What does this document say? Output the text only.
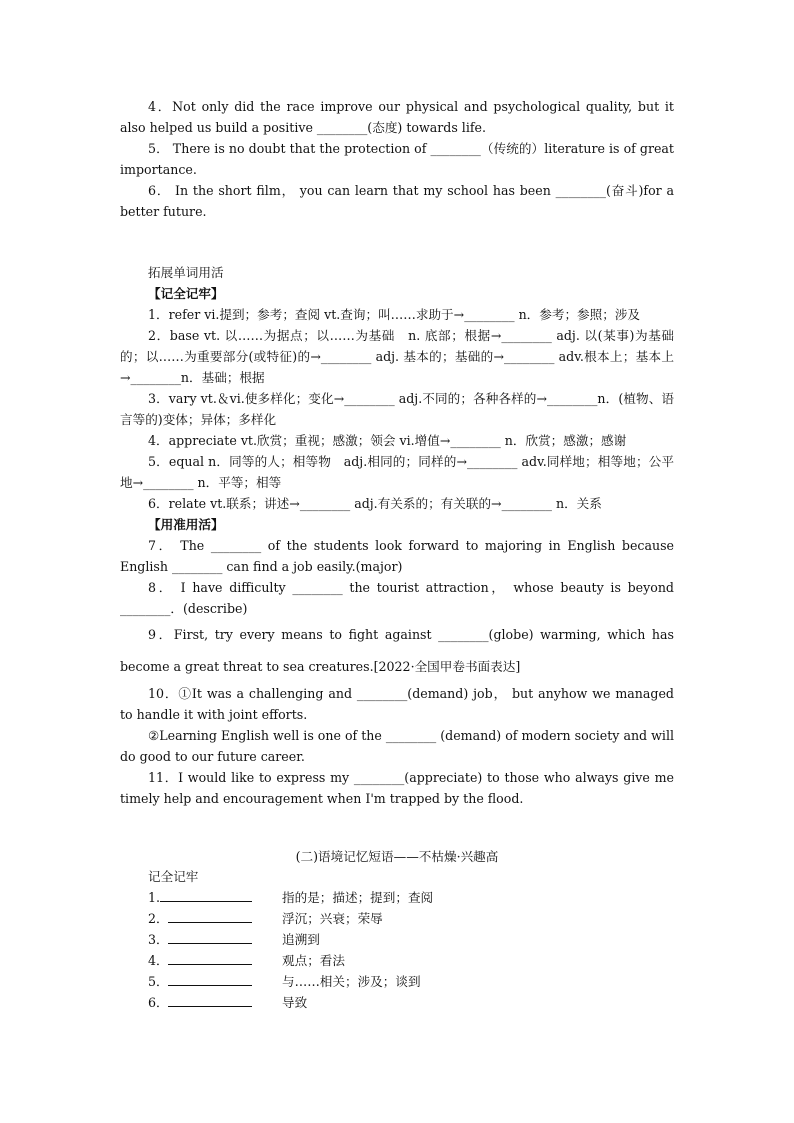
4．Not only did the race improve our physical and psychological quality, but it also helped us build a positive ________(态度) towards life.

5． There is no doubt that the protection of ________（传统的）literature is of great importance.

6． In the short film， you can learn that my school has been ________(奋斗)for a better future.

拓展单词用活
【记全记牢】

1．refer vi.提到；参考；查阅 vt.查询；叫……求助于→________ n．参考；参照；涉及

2．base vt. 以……为据点；以……为基础　n. 底部；根据→________ adj. 以(某事)为基础的；以……为重要部分(或特征)的→________ adj. 基本的；基础的→________ adv.根本上；基本上→________n．基础；根据

3．vary vt.＆vi.使多样化；变化→________ adj.不同的；各种各样的→________n．(植物、语言等的)变体；异体；多样化

4．appreciate vt.欣赏；重视；感激；领会 vi.增值→________ n．欣赏；感激；感谢

5．equal n．同等的人；相等物　adj.相同的；同样的→________ adv.同样地；相等地；公平地→________ n．平等；相等

6．relate vt.联系；讲述→________ adj.有关系的；有关联的→________ n．关系

【用准用活】

7． The ________ of the students look forward to majoring in English because English ________ can find a job easily.(major)

8． I have difficulty ________ the tourist attraction， whose beauty is beyond ________．(describe)

9．First, try every means to fight against ________(globe) warming, which has become a great threat to sea creatures.[2022·全国甲卷书面表达]

10．①It was a challenging and ________(demand) job， but anyhow we managed to handle it with joint efforts.

②Learning English well is one of the ________ (demand) of modern society and will do good to our future career.

11．I would like to express my ________(appreciate) to those who always give me timely help and encouragement when I'm trapped by the flood.

(二)语境记忆短语——不枯燥·兴趣高
记全记牢
1.	指的是；描述；提到；查阅
2．	浮沉；兴衰；荣辱
3．	追溯到
4．	观点；看法
5．	与……相关；涉及；谈到
6．	导致
